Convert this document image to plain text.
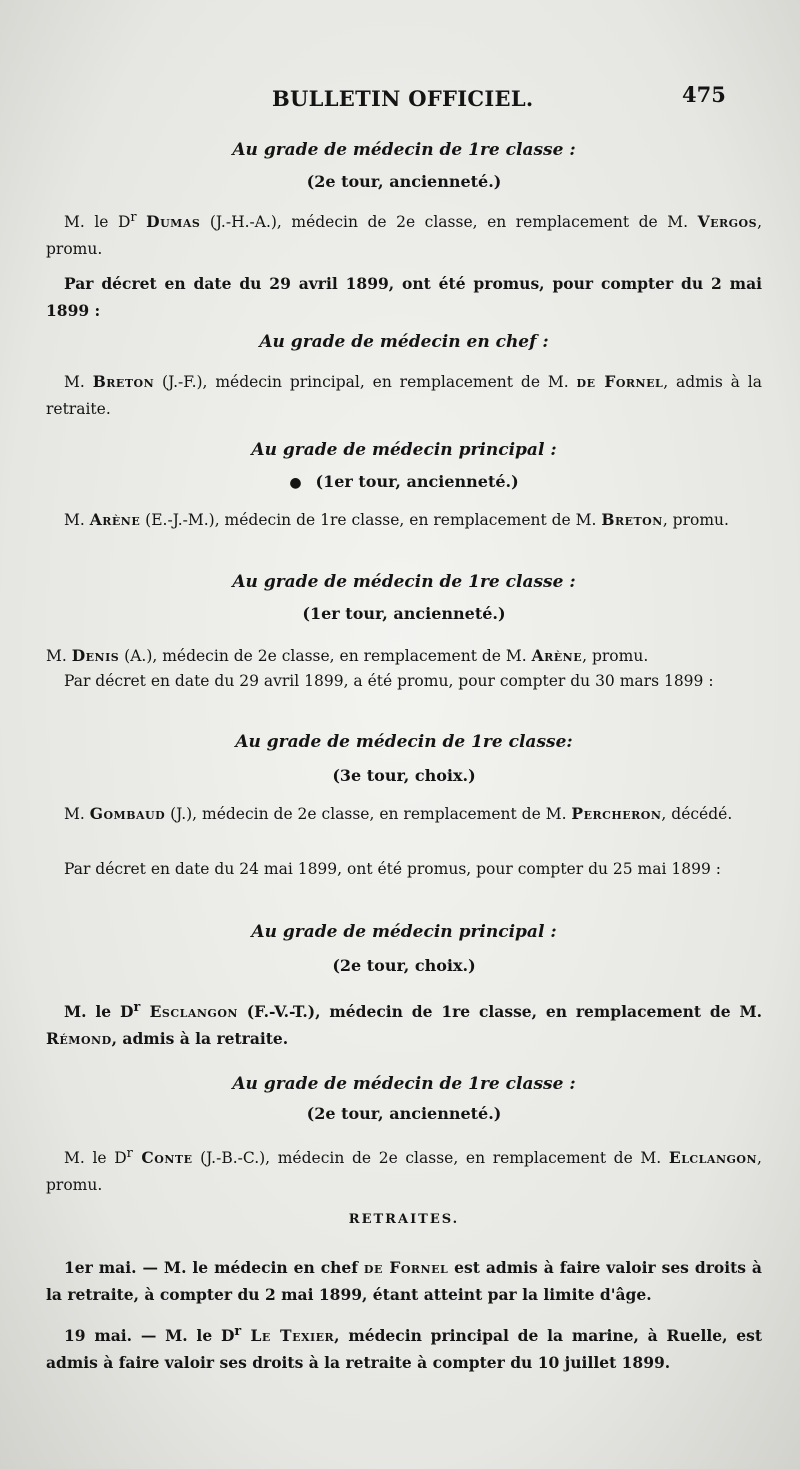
BULLETIN OFFICIEL.	475
Au grade de médecin de 1re classe :
(2e tour, ancienneté.)
M. le $D^r$ Dumas (J.-H.-A.), médecin de 2e classe, en remplacement de M. Vergos, promu.
Par décret en date du 29 avril 1899, ont été promus, pour compter du 2 mai 1899 :
Au grade de médecin en chef :
M. Breton (J.-F.), médecin principal, en remplacement de M. de Fornel, admis à la retraite.
Au grade de médecin principal :
● (1er tour, ancienneté.)
M. Arène (E.-J.-M.), médecin de 1re classe, en remplacement de M. Breton, promu.
Au grade de médecin de 1re classe :
(1er tour, ancienneté.)
M. Denis (A.), médecin de 2e classe, en remplacement de M. Arène, promu.
Par décret en date du 29 avril 1899, a été promu, pour compter du 30 mars 1899 :
Au grade de médecin de 1re classe:
(3e tour, choix.)
M. Gombaud (J.), médecin de 2e classe, en remplacement de M. Percheron, décédé.
Par décret en date du 24 mai 1899, ont été promus, pour compter du 25 mai 1899 :
Au grade de médecin principal :
(2e tour, choix.)
M. le $D^r$ Esclangon (F.-V.-T.), médecin de 1re classe, en remplacement de M. Rémond, admis à la retraite.
Au grade de médecin de 1re classe :
(2e tour, ancienneté.)
M. le $D^r$ Conte (J.-B.-C.), médecin de 2e classe, en remplacement de M. Elclangon, promu.
RETRAITES.
1er mai. — M. le médecin en chef de Fornel est admis à faire valoir ses droits à la retraite, à compter du 2 mai 1899, étant atteint par la limite d'âge.
19 mai. — M. le $D^r$ Le Texier, médecin principal de la marine, à Ruelle, est admis à faire valoir ses droits à la retraite à compter du 10 juillet 1899.
